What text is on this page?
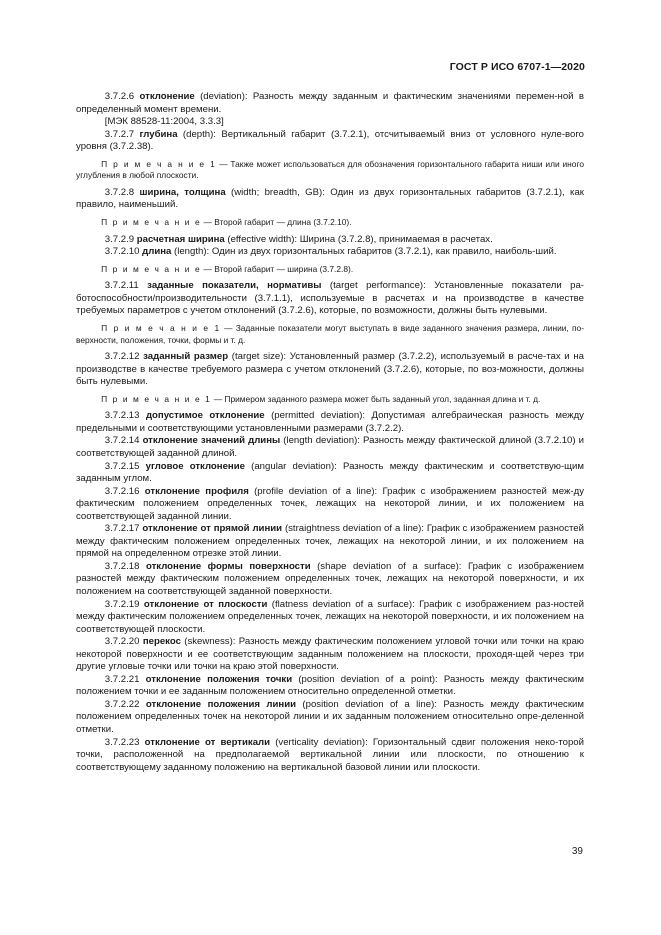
ГОСТ Р ИСО 6707-1—2020

   3.7.2.6 отклонение (deviation): Разность между заданным и фактическим значениями перемен-ной в определенный момент времени.

   [МЭК 88528-11:2004, 3.3.3]

   3.7.2.7 глубина (depth): Вертикальный габарит (3.7.2.1), отсчитываемый вниз от условного нуле-вого уровня (3.7.2.38).

   П р и м е ч а н и е 1 — Также может использоваться для обозначения горизонтального габарита ниши или иного углубления в любой плоскости.

   3.7.2.8 ширина, толщина (width; breadth, GB): Один из двух горизонтальных габаритов (3.7.2.1), как правило, наименьший.

   П р и м е ч а н и е — Второй габарит — длина (3.7.2.10).

   3.7.2.9 расчетная ширина (effective width): Ширина (3.7.2.8), принимаемая в расчетах.

   3.7.2.10 длина (length): Один из двух горизонтальных габаритов (3.7.2.1), как правило, наиболь-ший.

   П р и м е ч а н и е — Второй габарит — ширина (3.7.2.8).

   3.7.2.11 заданные показатели, нормативы (target performance): Установленные показатели ра-ботоспособности/производительности (3.7.1.1), используемые в расчетах и на производстве в качестве требуемых параметров с учетом отклонений (3.7.2.6), которые, по возможности, должны быть нулевыми.

   П р и м е ч а н и е 1 — Заданные показатели могут выступать в виде заданного значения размера, линии, по-верхности, положения, точки, формы и т. д.

   3.7.2.12 заданный размер (target size): Установленный размер (3.7.2.2), используемый в расче-тах и на производстве в качестве требуемого размера с учетом отклонений (3.7.2.6), которые, по воз-можности, должны быть нулевыми.

   П р и м е ч а н и е 1 — Примером заданного размера может быть заданный угол, заданная длина и т. д.

   3.7.2.13 допустимое отклонение (permitted deviation): Допустимая алгебраическая разность между предельными и соответствующими установленными размерами (3.7.2.2).

   3.7.2.14 отклонение значений длины (length deviation): Разность между фактической длиной (3.7.2.10) и соответствующей заданной длиной.

   3.7.2.15 угловое отклонение (angular deviation): Разность между фактическим и соответствую-щим заданным углом.

   3.7.2.16 отклонение профиля (profile deviation of a line): График с изображением разностей меж-ду фактическим положением определенных точек, лежащих на некоторой линии, и их положением на соответствующей заданной линии.

   3.7.2.17 отклонение от прямой линии (straightness deviation of a line): График с изображением разностей между фактическим положением определенных точек, лежащих на некоторой линии, и их положением на прямой на определенном отрезке этой линии.

   3.7.2.18 отклонение формы поверхности (shape deviation of a surface): График с изображением разностей между фактическим положением определенных точек, лежащих на некоторой поверхности, и их положением на соответствующей заданной поверхности.

   3.7.2.19 отклонение от плоскости (flatness deviation of a surface): График с изображением раз-ностей между фактическим положением определенных точек, лежащих на некоторой поверхности, и их положением на соответствующей плоскости.

   3.7.2.20 перекос (skewness): Разность между фактическим положением угловой точки или точки на краю некоторой поверхности и ее соответствующим заданным положением на плоскости, проходя-щей через три другие угловые точки или точки на краю этой поверхности.

   3.7.2.21 отклонение положения точки (position deviation of a point): Разность между фактическим положением точки и ее заданным положением относительно определенной отметки.

   3.7.2.22 отклонение положения линии (position deviation of a line): Разность между фактическим положением определенных точек на некоторой линии и их заданным положением относительно опре-деленной отметки.

   3.7.2.23 отклонение от вертикали (verticality deviation): Горизонтальный сдвиг положения неко-торой точки, расположенной на предполагаемой вертикальной линии или плоскости, по отношению к соответствующему заданному положению на вертикальной базовой линии или плоскости.

39
